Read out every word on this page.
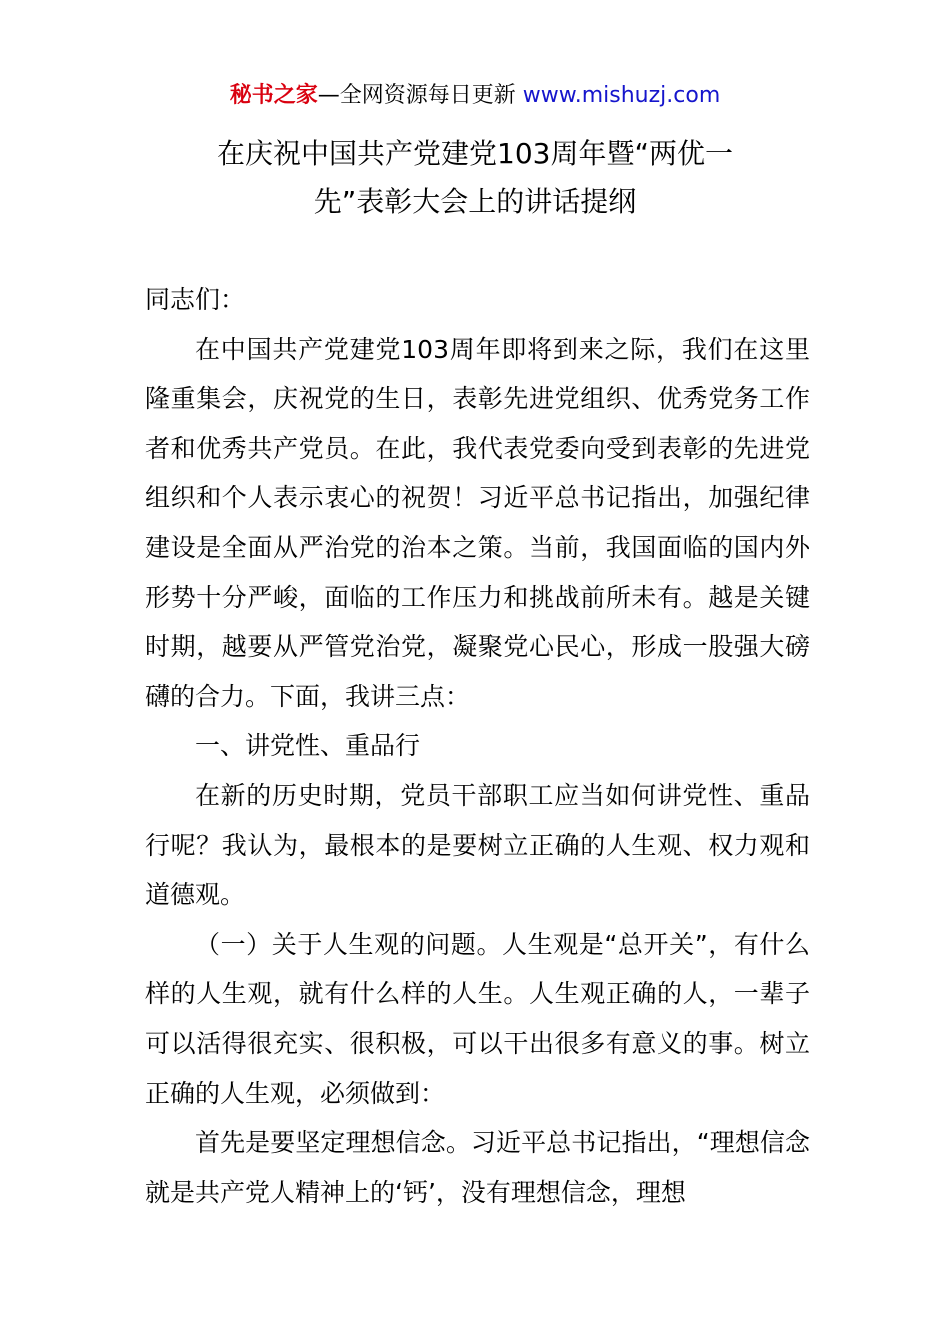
秘书之家—全网资源每日更新 www.mishuzj.com
在庆祝中国共产党建党103周年暨“两优一
先”表彰大会上的讲话提纲

同志们：

在中国共产党建党103周年即将到来之际，我们在这里隆重集会，庆祝党的生日，表彰先进党组织、优秀党务工作者和优秀共产党员。在此，我代表党委向受到表彰的先进党组织和个人表示衷心的祝贺！习近平总书记指出，加强纪律建设是全面从严治党的治本之策。当前，我国面临的国内外形势十分严峻，面临的工作压力和挑战前所未有。越是关键时期，越要从严管党治党，凝聚党心民心，形成一股强大磅礴的合力。下面，我讲三点：

一、讲党性、重品行

在新的历史时期，党员干部职工应当如何讲党性、重品行呢？我认为，最根本的是要树立正确的人生观、权力观和道德观。

（一）关于人生观的问题。人生观是“总开关”，有什么样的人生观，就有什么样的人生。人生观正确的人，一辈子可以活得很充实、很积极，可以干出很多有意义的事。树立正确的人生观，必须做到：

首先是要坚定理想信念。习近平总书记指出，“理想信念就是共产党人精神上的‘钙’，没有理想信念，理想
